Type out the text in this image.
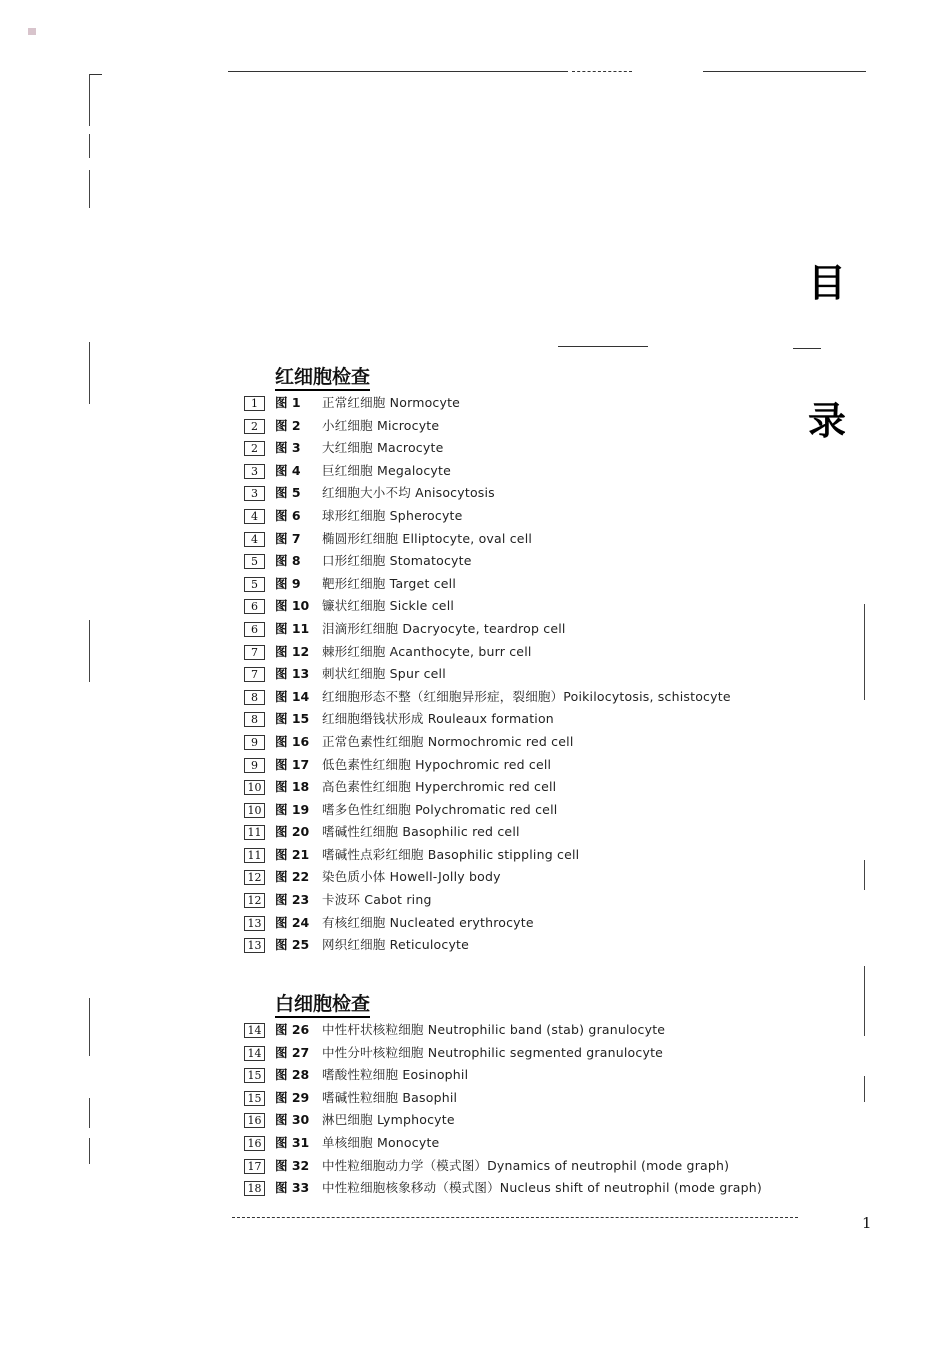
目
录
红细胞检查
1	图 1 正常红细胞 Normocyte
2	图 2 小红细胞 Microcyte
2	图 3 大红细胞 Macrocyte
3	图 4 巨红细胞 Megalocyte
3	图 5 红细胞大小不均 Anisocytosis
4	图 6 球形红细胞 Spherocyte
4	图 7 椭圆形红细胞 Elliptocyte, oval cell
5	图 8 口形红细胞 Stomatocyte
5	图 9 靶形红细胞 Target cell
6	图 10 镰状红细胞 Sickle cell
6	图 11 泪滴形红细胞 Dacryocyte, teardrop cell
7	图 12 棘形红细胞 Acanthocyte, burr cell
7	图 13 刺状红细胞 Spur cell
8	图 14 红细胞形态不整（红细胞异形症，裂细胞）Poikilocytosis, schistocyte
8	图 15 红细胞缗钱状形成 Rouleaux formation
9	图 16 正常色素性红细胞 Normochromic red cell
9	图 17 低色素性红细胞 Hypochromic red cell
10 图 18 高色素性红细胞 Hyperchromic red cell
10 图 19 嗜多色性红细胞 Polychromatic red cell
11 图 20 嗜碱性红细胞 Basophilic red cell
11 图 21 嗜碱性点彩红细胞 Basophilic stippling cell
12 图 22 染色质小体 Howell-Jolly body
12 图 23 卡波环 Cabot ring
13 图 24 有核红细胞 Nucleated erythrocyte
13 图 25 网织红细胞 Reticulocyte
白细胞检查
14 图 26 中性杆状核粒细胞 Neutrophilic band (stab) granulocyte
14 图 27 中性分叶核粒细胞 Neutrophilic segmented granulocyte
15 图 28 嗜酸性粒细胞 Eosinophil
15 图 29 嗜碱性粒细胞 Basophil
16 图 30 淋巴细胞 Lymphocyte
16 图 31 单核细胞 Monocyte
17 图 32 中性粒细胞动力学（模式图）Dynamics of neutrophil (mode graph)
18 图 33 中性粒细胞核象移动（模式图）Nucleus shift of neutrophil (mode graph)
1
